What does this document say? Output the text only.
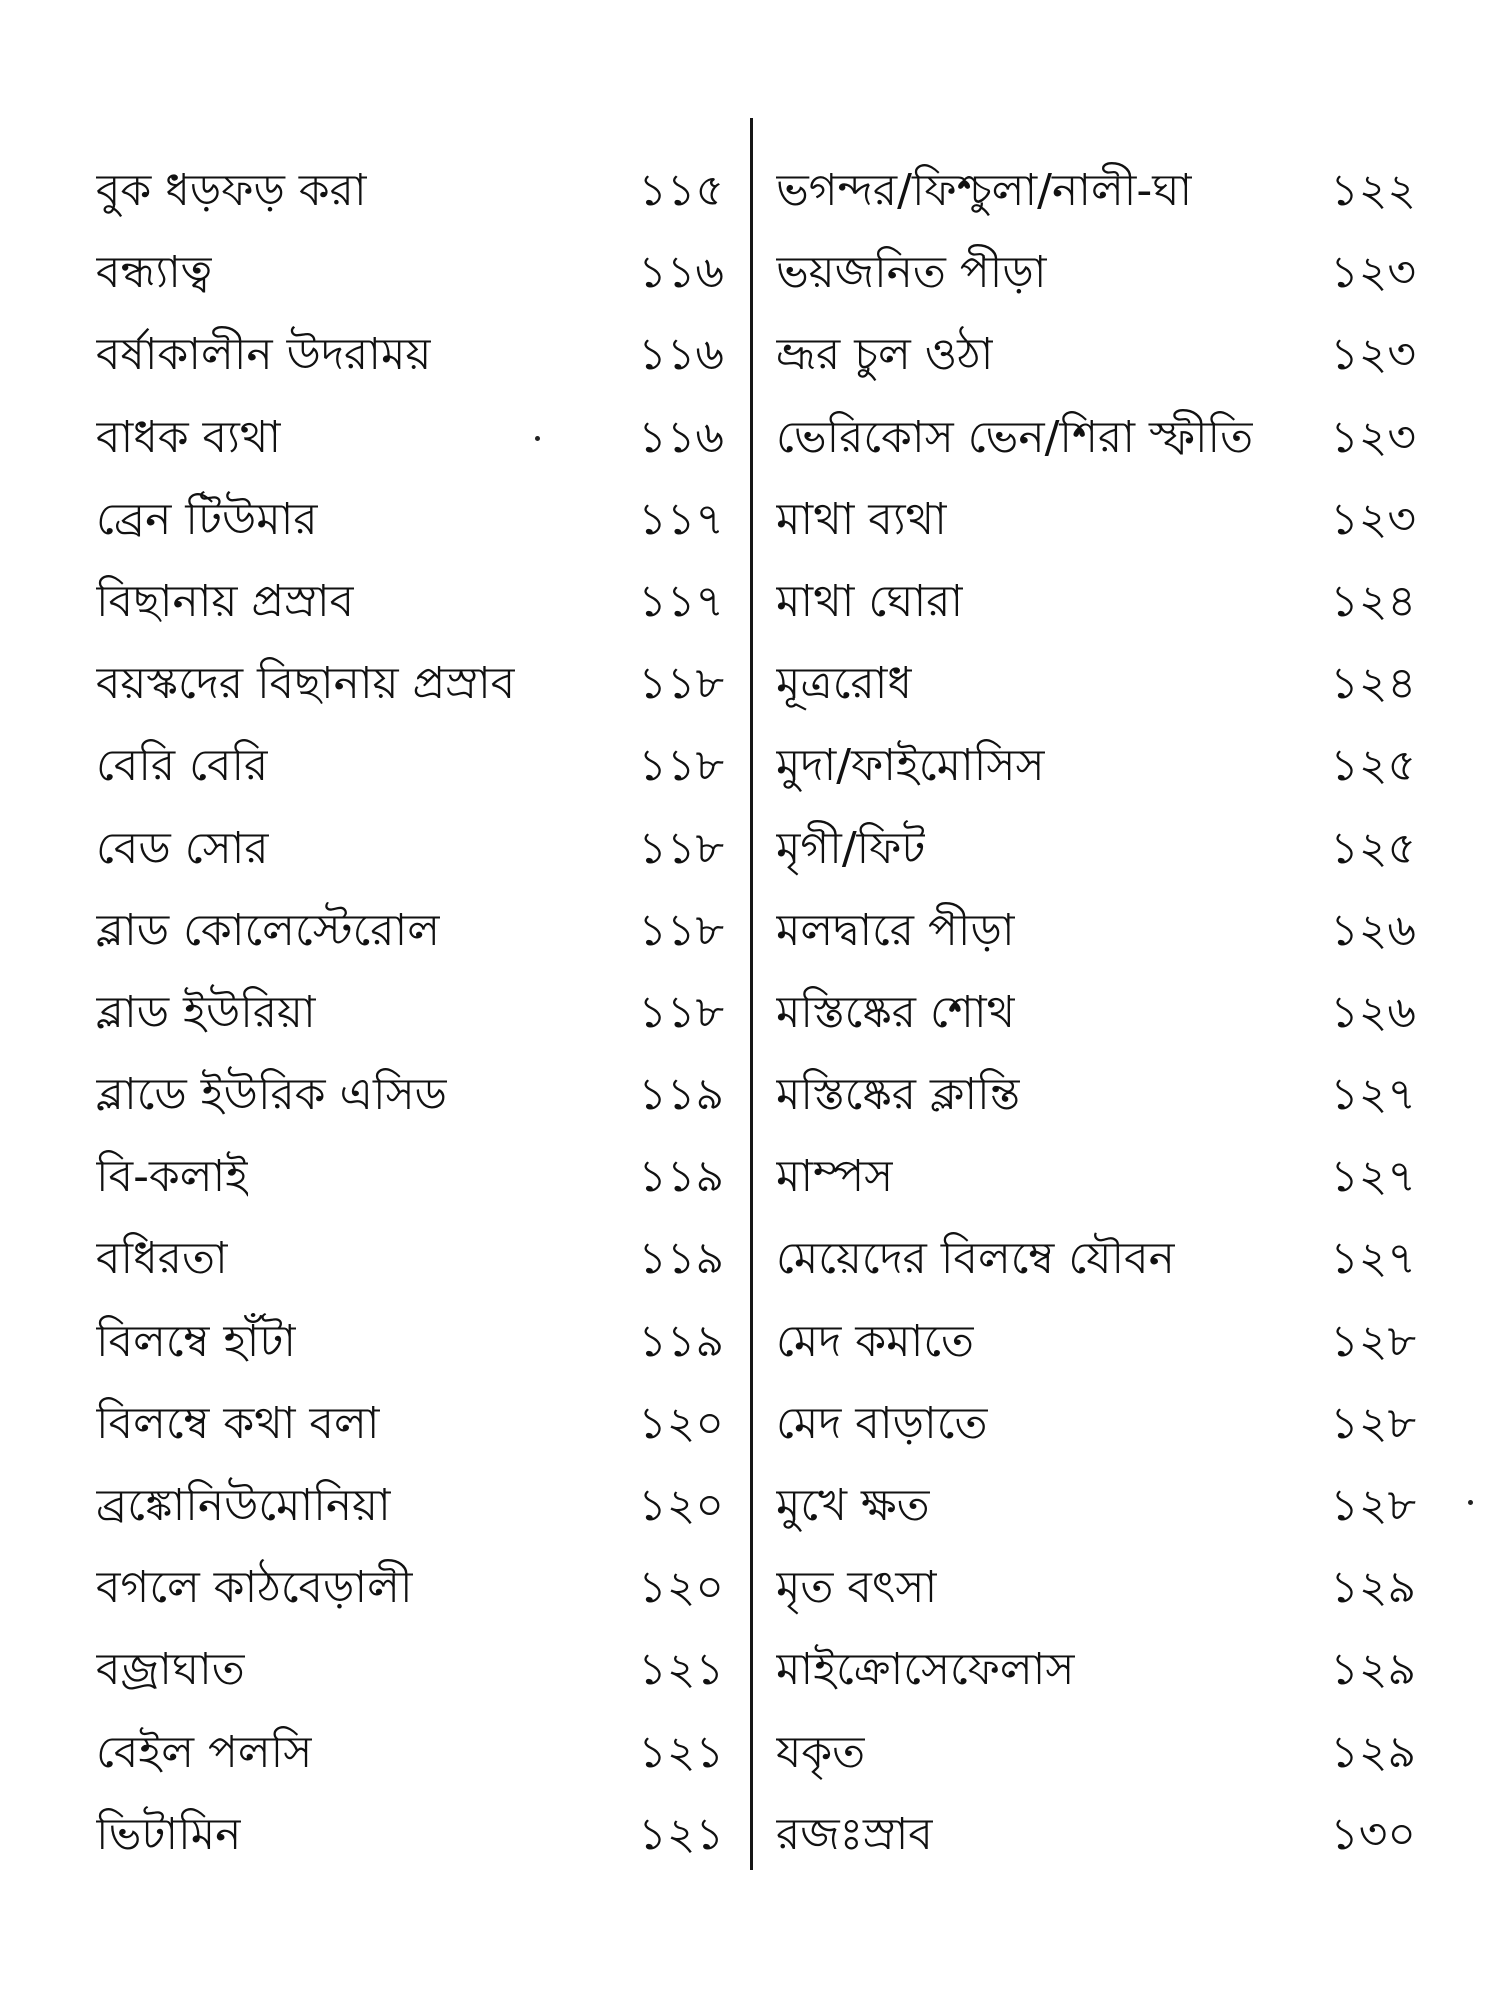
বুক ধড়ফড় করা	১১৫
বন্ধ্যাত্ব	১১৬
বর্ষাকালীন উদরাময়	১১৬
বাধক ব্যথা	১১৬
ব্রেন টিউমার	১১৭
বিছানায় প্রস্রাব	১১৭
বয়স্কদের বিছানায় প্রস্রাব	১১৮
বেরি বেরি	১১৮
বেড সোর	১১৮
ব্লাড কোলেস্টেরোল	১১৮
ব্লাড ইউরিয়া	১১৮
ব্লাডে ইউরিক এসিড	১১৯
বি-কলাই	১১৯
বধিরতা	১১৯
বিলম্বে হাঁটা	১১৯
বিলম্বে কথা বলা	১২০
ব্রঙ্কোনিউমোনিয়া	১২০
বগলে কাঠবেড়ালী	১২০
বজ্রাঘাত	১২১
বেইল পলসি	১২১
ভিটামিন	১২১
ভগন্দর/ফিশ্চুলা/নালী-ঘা	১২২
ভয়জনিত পীড়া	১২৩
ভ্রূর চুল ওঠা	১২৩
ভেরিকোস ভেন/শিরা স্ফীতি ১২৩
মাথা ব্যথা	১২৩
মাথা ঘোরা	১২৪
মূত্ররোধ	১২৪
মুদা/ফাইমোসিস	১২৫
মৃগী/ফিট	১২৫
মলদ্বারে পীড়া	১২৬
মস্তিষ্কের শোথ	১২৬
মস্তিষ্কের ক্লান্তি	১২৭
মাম্পস	১২৭
মেয়েদের বিলম্বে যৌবন	১২৭
মেদ কমাতে	১২৮
মেদ বাড়াতে	১২৮
মুখে ক্ষত	১২৮
মৃত বৎসা	১২৯
মাইক্রোসেফেলাস	১২৯
যকৃত	১২৯
রজঃস্রাব	১৩০
